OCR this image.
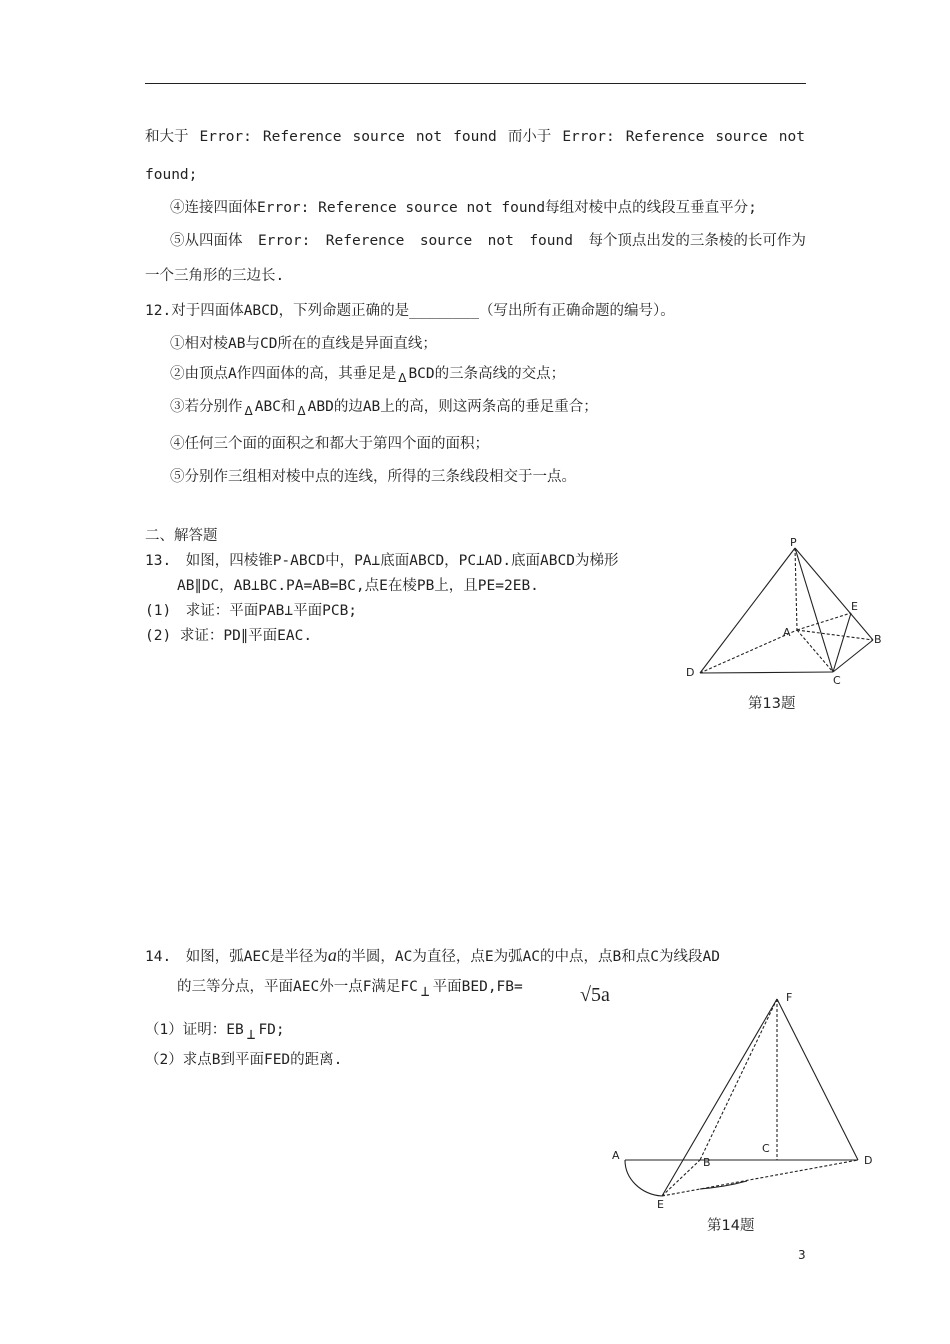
和大于 Error: Reference source not found 而小于 Error: Reference source not
found;
④连接四面体Error: Reference source not found每组对棱中点的线段互垂直平分;
⑤从四面体 Error: Reference source not found 每个顶点出发的三条棱的长可作为
一个三角形的三边长.
12.对于四面体ABCD，下列命题正确的是________（写出所有正确命题的编号）。
①相对棱AB与CD所在的直线是异面直线；
②由顶点A作四面体的高，其垂足是 $_\Delta$ BCD的三条高线的交点；
③若分别作 $_\Delta$ ABC和 $_\Delta$ ABD的边AB上的高，则这两条高的垂足重合；
④任何三个面的面积之和都大于第四个面的面积；
⑤分别作三组相对棱中点的连线，所得的三条线段相交于一点。
二、解答题
13.　如图，四棱锥P-ABCD中，PA⊥底面ABCD，PC⊥AD.底面ABCD为梯形
AB∥DC，AB⊥BC.PA=AB=BC,点E在棱PB上，且PE=2EB.
(1)　求证：平面PAB⊥平面PCB;
(2) 求证：PD∥平面EAC.
P
E
A
B
D
C
第13题
14.　如图，弧AEC是半径为a的半圆，AC为直径，点E为弧AC的中点，点B和点C为线段AD
的三等分点，平面AEC外一点F满足FC ⊥ 平面BED,FB=	√5a
（1）证明：EB ⊥ FD;
（2）求点B到平面FED的距离.
A
B
C
D
E
F
第14题
3
